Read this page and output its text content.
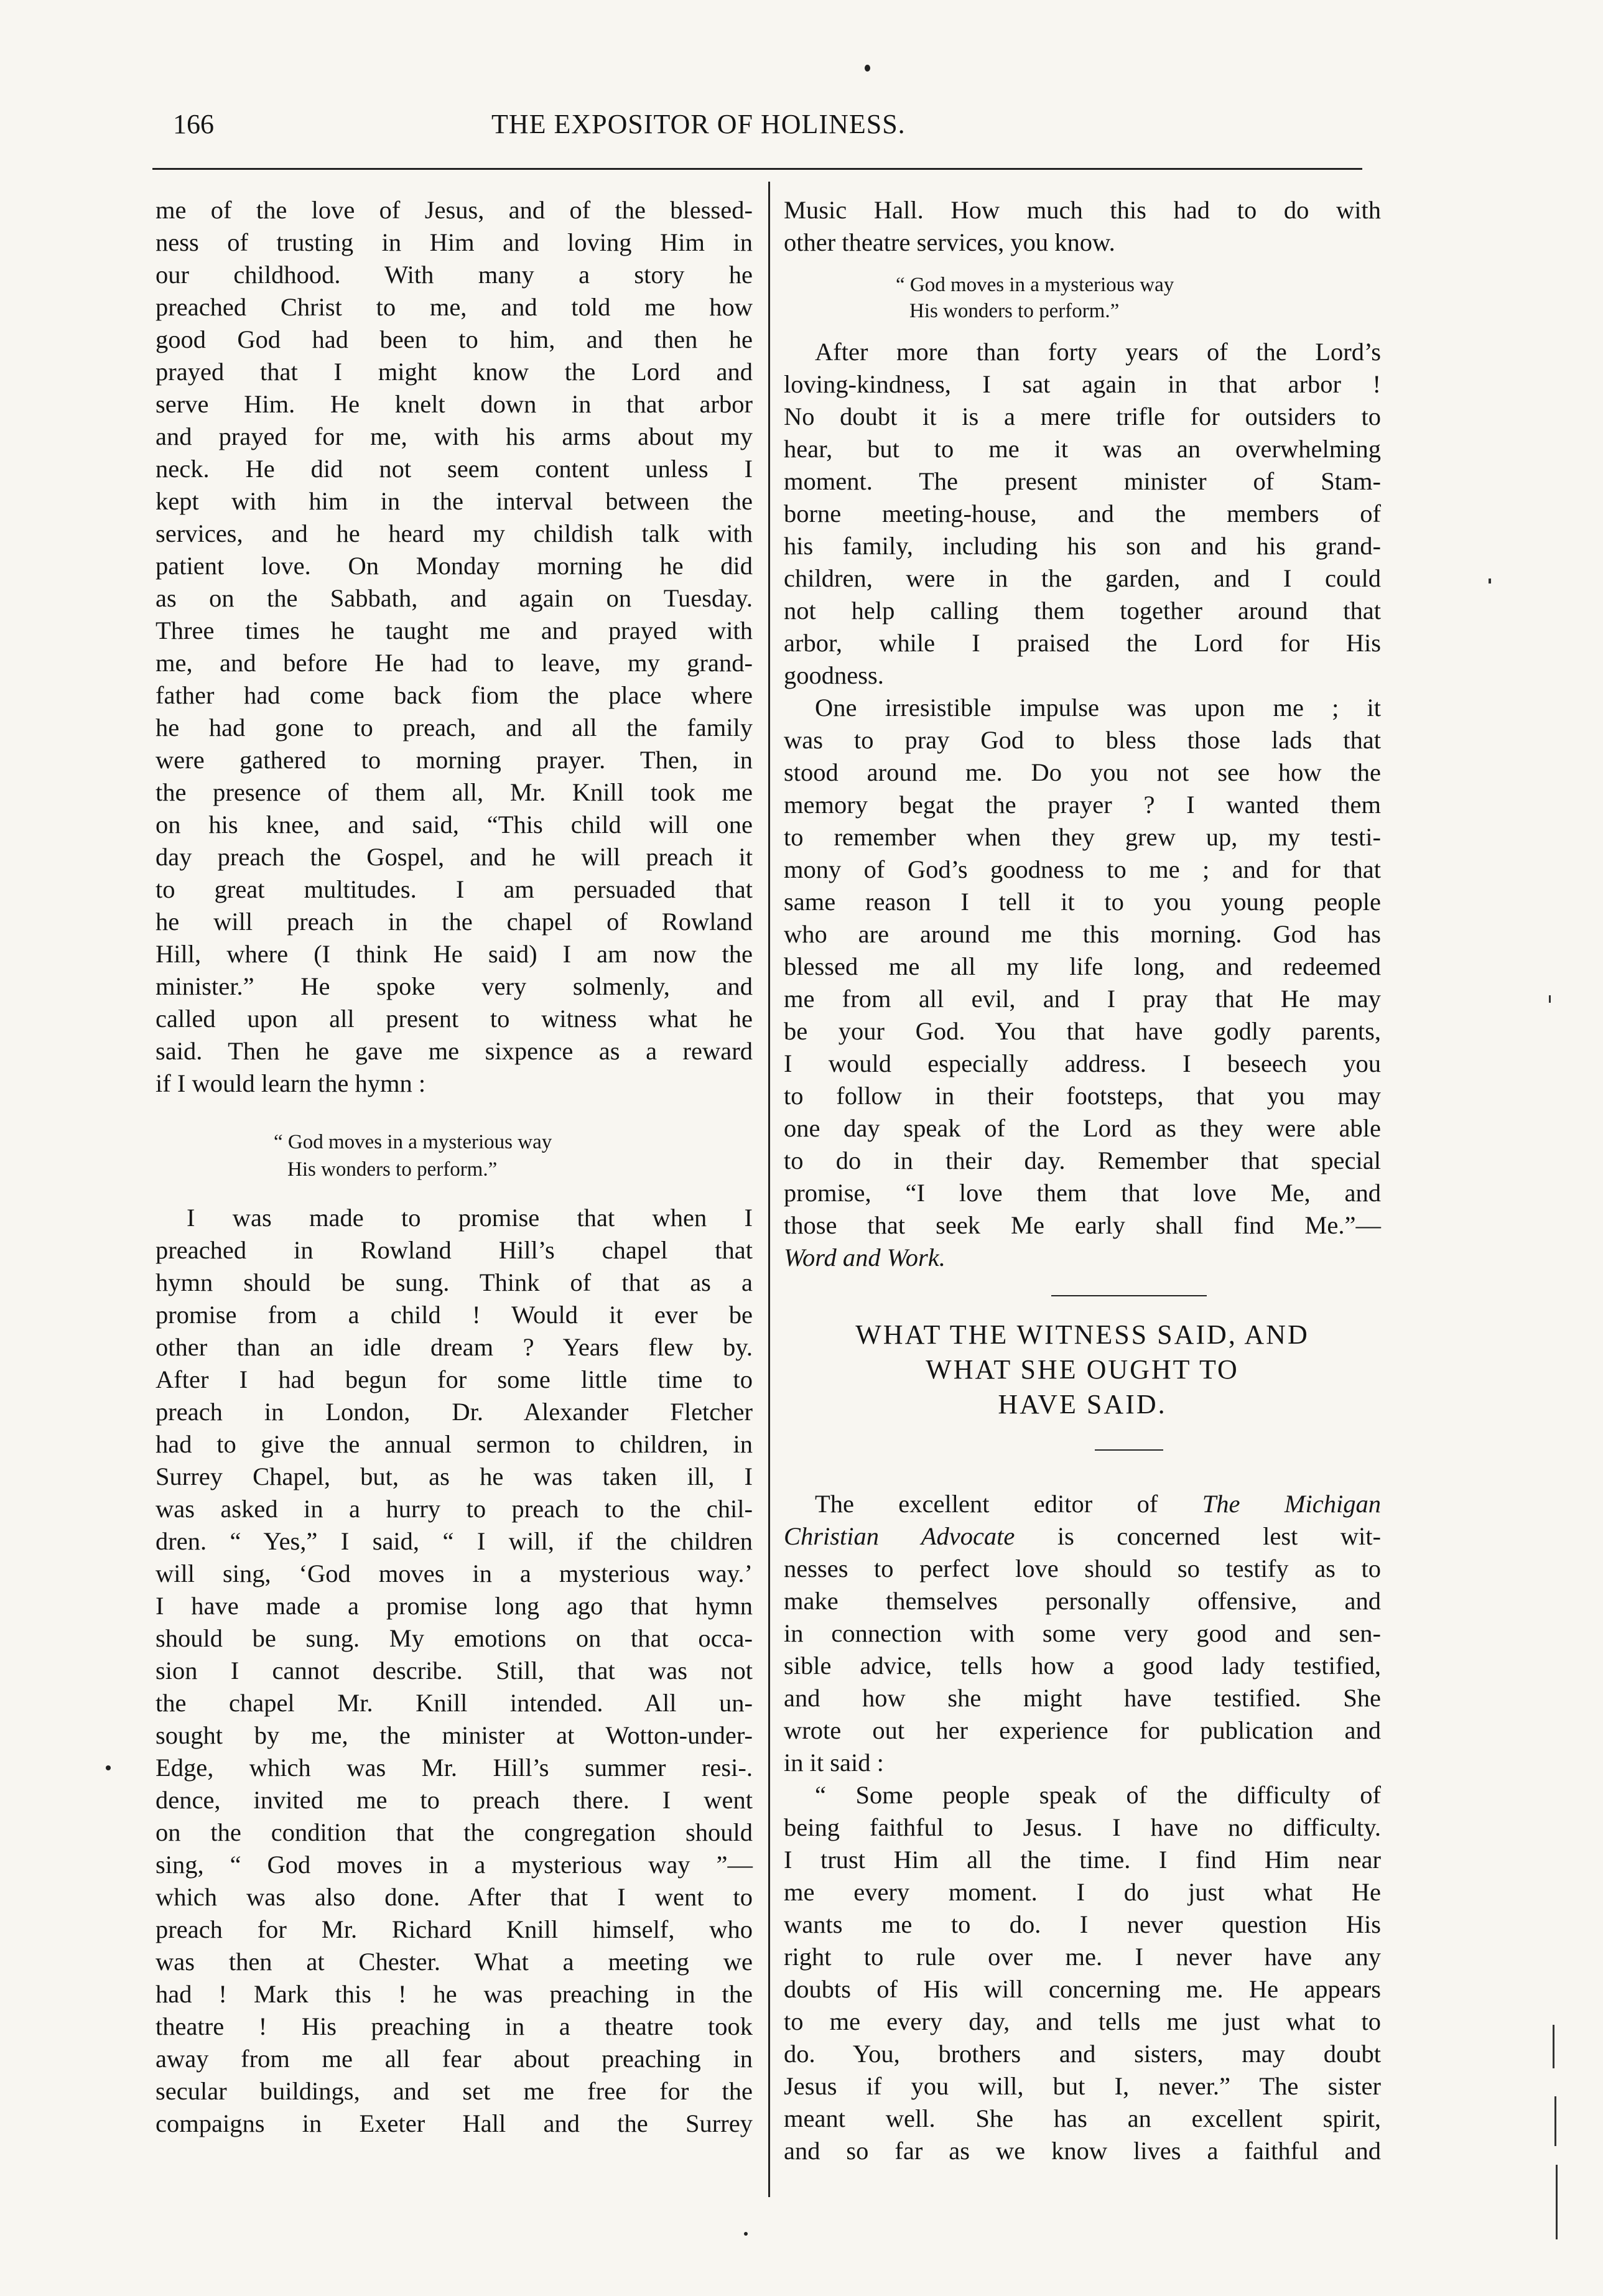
166	THE EXPOSITOR OF HOLINESS.
me of the love of Jesus, and of the blessed-
ness of trusting in Him and loving Him in
our childhood. With many a story he
preached Christ to me, and told me how
good God had been to him, and then he
prayed that I might know the Lord and
serve Him. He knelt down in that arbor
and prayed for me, with his arms about my
neck. He did not seem content unless I
kept with him in the interval between the
services, and he heard my childish talk with
patient love. On Monday morning he did
as on the Sabbath, and again on Tuesday.
Three times he taught me and prayed with
me, and before He had to leave, my grand-
father had come back fiom the place where
he had gone to preach, and all the family
were gathered to morning prayer. Then, in
the presence of them all, Mr. Knill took me
on his knee, and said, “This child will one
day preach the Gospel, and he will preach it
to great multitudes. I am persuaded that
he will preach in the chapel of Rowland
Hill, where (I think He said) I am now the
minister.” He spoke very solmenly, and
called upon all present to witness what he
said. Then he gave me sixpence as a reward
if I would learn the hymn :
“ God moves in a mysterious way
His wonders to perform.”
I was made to promise that when I
preached in Rowland Hill’s chapel that
hymn should be sung. Think of that as a
promise from a child ! Would it ever be
other than an idle dream ? Years flew by.
After I had begun for some little time to
preach in London, Dr. Alexander Fletcher
had to give the annual sermon to children, in
Surrey Chapel, but, as he was taken ill, I
was asked in a hurry to preach to the chil-
dren. “ Yes,” I said, “ I will, if the children
will sing, ‘God moves in a mysterious way.’
I have made a promise long ago that hymn
should be sung. My emotions on that occa-
sion I cannot describe. Still, that was not
the chapel Mr. Knill intended. All un-
sought by me, the minister at Wotton-under-
Edge, which was Mr. Hill’s summer resi-.
dence, invited me to preach there. I went
on the condition that the congregation should
sing, “ God moves in a mysterious way ”—
which was also done. After that I went to
preach for Mr. Richard Knill himself, who
was then at Chester. What a meeting we
had ! Mark this ! he was preaching in the
theatre ! His preaching in a theatre took
away from me all fear about preaching in
secular buildings, and set me free for the
compaigns in Exeter Hall and the Surrey
Music Hall. How much this had to do with
other theatre services, you know.
“ God moves in a mysterious way
His wonders to perform.”
After more than forty years of the Lord’s
loving-kindness, I sat again in that arbor !
No doubt it is a mere trifle for outsiders to
hear, but to me it was an overwhelming
moment. The present minister of Stam-
borne meeting-house, and the members of
his family, including his son and his grand-
children, were in the garden, and I could
not help calling them together around that
arbor, while I praised the Lord for His
goodness.
One irresistible impulse was upon me ; it
was to pray God to bless those lads that
stood around me. Do you not see how the
memory begat the prayer ? I wanted them
to remember when they grew up, my testi-
mony of God’s goodness to me ; and for that
same reason I tell it to you young people
who are around me this morning. God has
blessed me all my life long, and redeemed
me from all evil, and I pray that He may
be your God. You that have godly parents,
I would especially address. I beseech you
to follow in their footsteps, that you may
one day speak of the Lord as they were able
to do in their day. Remember that special
promise, “I love them that love Me, and
those that seek Me early shall find Me.”—
Word and Work.
WHAT THE WITNESS SAID, AND
WHAT SHE OUGHT TO
HAVE SAID.
The excellent editor of The Michigan
Christian Advocate is concerned lest wit-
nesses to perfect love should so testify as to
make themselves personally offensive, and
in connection with some very good and sen-
sible advice, tells how a good lady testified,
and how she might have testified. She
wrote out her experience for publication and
in it said :
“ Some people speak of the difficulty of
being faithful to Jesus. I have no difficulty.
I trust Him all the time. I find Him near
me every moment. I do just what He
wants me to do. I never question His
right to rule over me. I never have any
doubts of His will concerning me. He appears
to me every day, and tells me just what to
do. You, brothers and sisters, may doubt
Jesus if you will, but I, never.” The sister
meant well. She has an excellent spirit,
and so far as we know lives a faithful and
